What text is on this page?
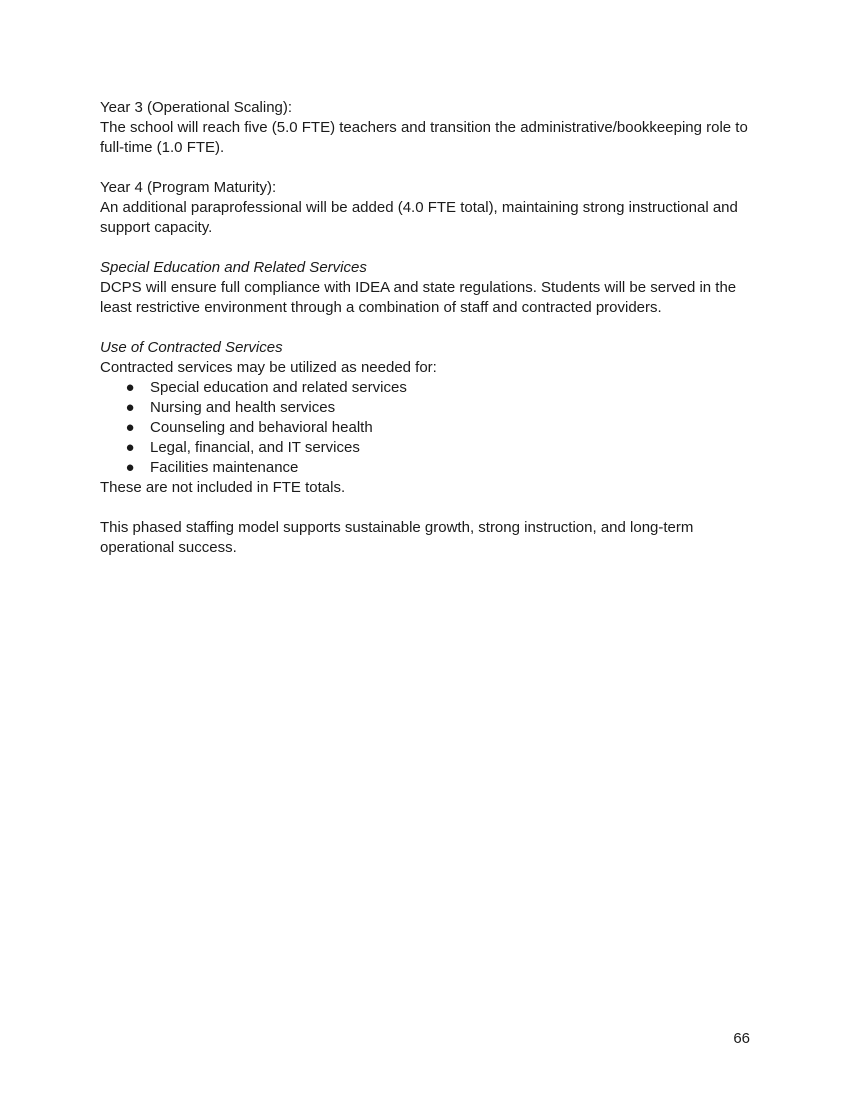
Year 3 (Operational Scaling):

The school will reach five (5.0 FTE) teachers and transition the administrative/bookkeeping role to full-time (1.0 FTE).

Year 4 (Program Maturity):

An additional paraprofessional will be added (4.0 FTE total), maintaining strong instructional and support capacity.

Special Education and Related Services

DCPS will ensure full compliance with IDEA and state regulations. Students will be served in the least restrictive environment through a combination of staff and contracted providers.

Use of Contracted Services

Contracted services may be utilized as needed for:

● Special education and related services
● Nursing and health services
● Counseling and behavioral health
● Legal, financial, and IT services
● Facilities maintenance

These are not included in FTE totals.

This phased staffing model supports sustainable growth, strong instruction, and long-term operational success.

66
